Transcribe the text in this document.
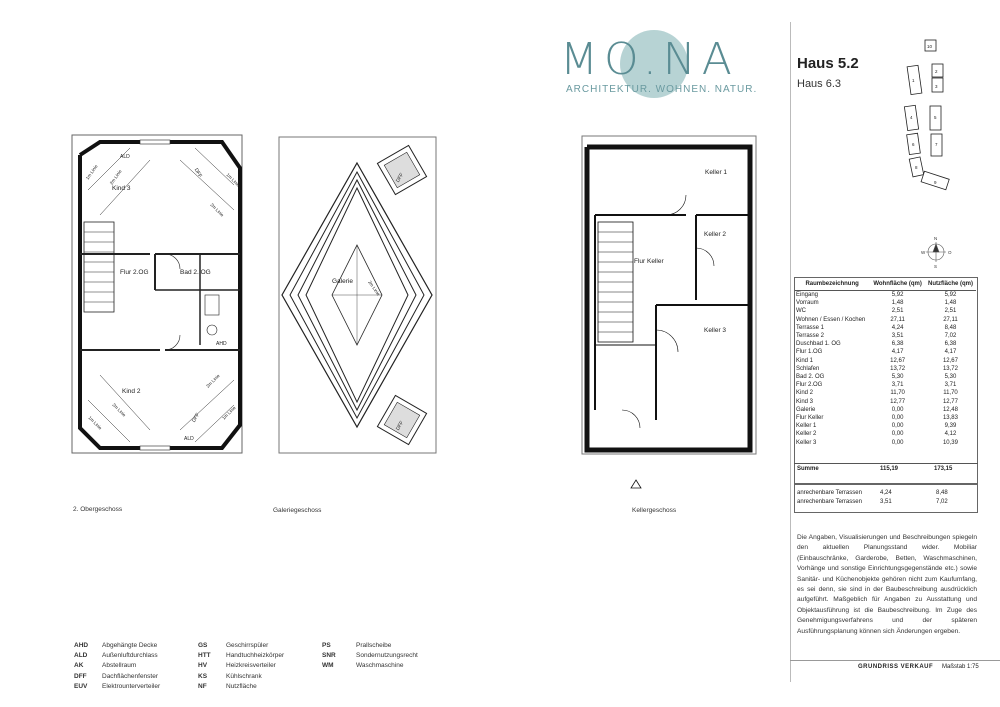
MO.NA
ARCHITEKTUR. WOHNEN. NATUR.
Kind 3
Flur 2.OG	Bad 2. OG
Kind 2
ALD
AHD
ALD
DFF
DFF
1m Linie 2m Linie
2m Linie
1m Linie
1m Linie
2m Linie
2m Linie
1m Linie
Galerie	2m Linie
DFF
DFF
Keller 1
Keller 2
Flur Keller
Keller 3
10
1
2
3
4	5
6	7
8
9
N
W	O
S
2. Obergeschoss	Galeriegeschoss	Kellergeschoss
Haus 5.2
Haus 6.3
Raumbezeichnung	Wohnfläche (qm)	Nutzfläche (qm)
Eingang	5,92	5,92
Vorraum	1,48	1,48
WC	2,51	2,51
Wohnen / Essen / Kochen	27,11	27,11
Terrasse 1	4,24	8,48
Terrasse 2	3,51	7,02
Duschbad 1. OG	6,38	6,38
Flur 1.OG	4,17	4,17
Kind 1	12,67	12,67
Schlafen	13,72	13,72
Bad 2. OG	5,30	5,30
Flur 2.OG	3,71	3,71
Kind 2	11,70	11,70
Kind 3	12,77	12,77
Galerie	0,00	12,48
Flur Keller	0,00	13,83
Keller 1	0,00	9,39
Keller 2	0,00	4,12
Keller 3	0,00	10,39
Summe	115,19	173,15
anrechenbare Terrassen	4,24	8,48
anrechenbare Terrassen	3,51	7,02
Die Angaben, Visualisierungen und Beschreibungen spiegeln den aktuellen Planungsstand wider. Mobiliar (Einbauschränke, Garderobe, Betten, Waschmaschinen, Vorhänge und sonstige Einrichtungsgegenstände etc.) sowie Sanitär- und Küchenobjekte gehören nicht zum Kaufumfang, es sei denn, sie sind in der Baubeschreibung ausdrücklich aufgeführt. Maßgeblich für Angaben zu Ausstattung und Objektausführung ist die Baubeschreibung. Im Zuge des Genehmigungsverfahrens und der späteren Ausführungsplanung können sich Änderungen ergeben.
GRUNDRISS VERKAUF Maßstab 1:75
AHD Abgehängte Decke
ALD Außenluftdurchlass
AK	Abstellraum
DFF Dachflächenfenster
EUV Elektrounterverteiler
GS	Geschirrspüler
HTT Handtuchheizkörper
HV	Heizkreisverteiler
KS	Kühlschrank
NF	Nutzfläche
PS	Prallscheibe
SNR	Sondernutzungsrecht
WM	Waschmaschine
